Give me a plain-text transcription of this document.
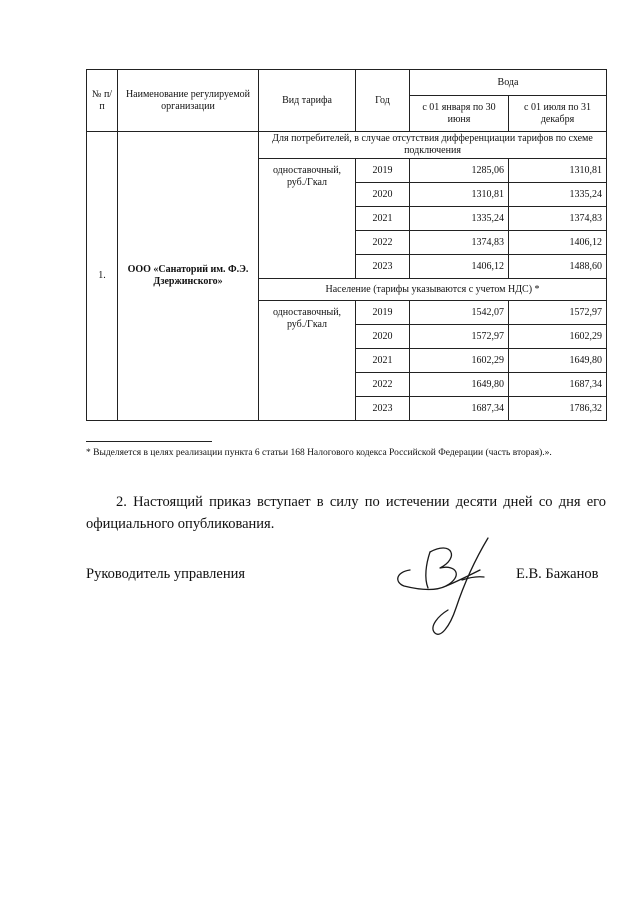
№ п/п	Наименование регулируемой организации	Вид тарифа	Год	Вода	
				с 01 января по 30 июня	с 01 июля по 31 декабря
1.	ООО «Санаторий им. Ф.Э. Дзержинского»	Для потребителей, в случае отсутствия дифференциации тарифов по схеме подключения			
		одноставочный, руб./Гкал	2019	1285,06	1310,81
			2020	1310,81	1335,24
			2021	1335,24	1374,83
			2022	1374,83	1406,12
			2023	1406,12	1488,60
		Население (тарифы указываются с учетом НДС) *			
		одноставочный, руб./Гкал	2019	1542,07	1572,97
			2020	1572,97	1602,29
			2021	1602,29	1649,80
			2022	1649,80	1687,34
			2023	1687,34	1786,32
* Выделяется в целях реализации пункта 6 статьи 168 Налогового кодекса Российской Федерации (часть вторая).».
2. Настоящий приказ вступает в силу по истечении десяти дней со дня его официального опубликования.
Руководитель управления	Е.В. Бажанов
